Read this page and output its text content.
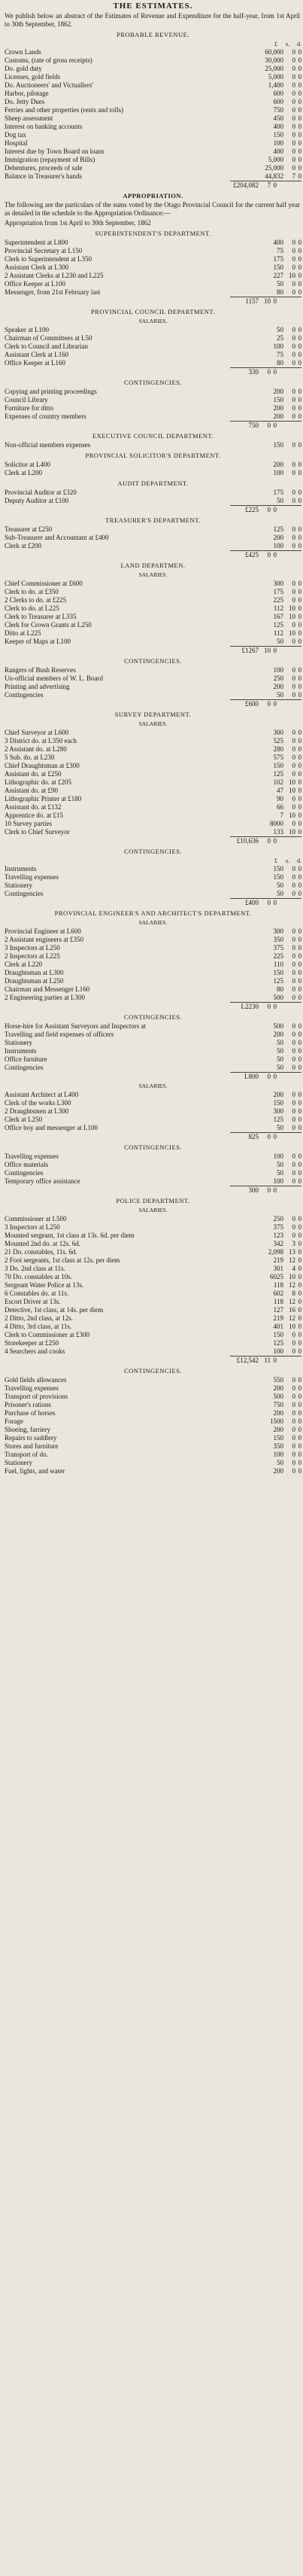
THE ESTIMATES.
We publish below an abstract of the Estimates of Revenue and Expenditure for the half-year, from 1st April to 30th September, 1862.
PROBABLE REVENUE.
£	s.	d.
Crown Lands	60,000	0 0
Customs, (rate of gross receipts)	30,000	0 0
Do. gold duty	25,000	0 0
Licenses, gold fields	5,000	0 0
Do. Auctioneers' and Victuallers'	1,400	0 0
Harbor, pilotage	600	0 0
Do. Jetty Dues	600	0 0
Ferries and other properties (rents and tolls)	750	0 0
Sheep assessment	450	0 0
Interest on banking accounts	400	0 0
Dog tax	150	0 0
Hospital	100	0 0
Interest due by Town Board on loans	400	0 0
Immigration (repayment of Bills)	5,000	0 0
Debentures, proceeds of sale	25,000	0 0
Balance in Treasurer's hands	44,832	7 0
£204,082	7 0
APPROPRIATION.
The following are the particulars of the sums voted by the Otago Provincial Council for the current half year as detailed in the schedule to the Appropriation Ordinance:—
Appropriation from 1st April to 30th September, 1862
SUPERINTENDENT'S DEPARTMENT.
Superintendent at L800	400	0 0
Provincial Secretary at L150	75	0 0
Clerk to Superintendent at L350	175	0 0
Assistant Clerk at L300	150	0 0
2 Assistant Clerks at L230 and L225	227 10 0
Office Keeper at L100	50	0 0
Messenger, from 21st February last	80	0 0
1157 10 0
PROVINCIAL COUNCIL DEPARTMENT.
SALARIES.
Speaker at L100	50	0 0
Chairman of Committees at L50	25	0 0
Clerk to Council and Librarian	100	0 0
Assistant Clerk at L160	75	0 0
Office Keeper at L160	80	0 0
330	0 0
CONTINGENCIES.
Copying and printing proceedings	200	0 0
Council Library	150	0 0
Furniture for ditto	200	0 0
Expenses of country members	200	0 0
750	0 0
EXECUTIVE COUNCIL DEPARTMENT.
Non-official members expenses	150	0 0
PROVINCIAL SOLICITOR'S DEPARTMENT.
Solicitor at L400	200	0 0
Clerk at L200	100	0 0
AUDIT DEPARTMENT.
Provincial Auditor at £320	175	0 0
Deputy Auditor at £100	50	0 0
£225	0 0
TREASURER'S DEPARTMENT.
Treasurer at £250	125	0 0
Sub-Treasurer and Accountant at £400	200	0 0
Clerk at £200	100	0 0
£425	0 0
LAND DEPARTMEN.
SALARIES.
Chief Commissioner at £600	300	0 0
Clerk to do. at £350	175	0 0
2 Clerks to do. at £225	225	0 0
Clerk to do. at L225	112 10 0
Clerk to Treasurer at L335	167 10 0
Clerk for Crown Grants at L250	125	0 0
Ditto at L225	112 10 0
Keeper of Maps at L100	50	0 0
£1267 10 0
CONTINGENCIES.
Rangers of Bush Reserves	100	0 0
Un-official members of W. L. Board	250	0 0
Printing and advertising	200	0 0
Contingencies	50	0 0
£600	0 0
SURVEY DEPARTMENT.
SALARIES.
Chief Surveyor at L600	300	0 0
3 District do. at L350 each	525	0 0
2 Assistant do. at L280	280	0 0
5 Sub. do. at L230	575	0 0
Chief Draughtsman at £300	150	0 0
Assistant do. at £250	125	0 0
Lithographic do. at £205	102 10 0
Assistant do. at £90	47 10 0
Lithographic Printer at £180	90	0 0
Assistant do. at £132	66	0 0
Apprentice do. at £15	7 10 0
10 Survey parties	8000	0 0
Clerk to Chief Surveyor	133 10 0
£10,636	0 0
CONTINGENCIES.
£	s.	d.
Instruments	150	0 0
Travelling expenses	150	0 0
Stationery	50	0 0
Contingencies	50	0 0
£400	0 0
PROVINCIAL ENGINEER'S AND ARCHITECT'S DEPARTMENT.
SALARIES.
Provincial Engineer at L600	300	0 0
2 Assistant engineers at £350	350	0 0
3 Inspectors at L250	375	0 0
2 Inspectors at L225	225	0 0
Clerk at L220	110	0 0
Draughtsman at L300	150	0 0
Draughtsman at L250	125	0 0
Chairman and Messenger L160	80	0 0
2 Engineering parties at L300	500	0 0
L2230	0 0
CONTINGENCIES.
Horse-hire for Assistant Surveyors and Inspectors at	500	0 0
Travelling and field expenses of officers	200	0 0
Stationery	50	0 0
Instruments	50	0 0
Office furniture	50	0 0
Contingencies	50	0 0
L800	0 0
SALARIES.
Assistant Architect at L400	200	0 0
Clerk of the works L300	150	0 0
2 Draughtsmen at L300	300	0 0
Clerk at L250	125	0 0
Office boy and messenger at L100	50	0 0
825	0 0
CONTINGENCIES.
Travelling expenses	100	0 0
Office materials	50	0 0
Contingencies	50	0 0
Temporary office assistance	100	0 0
300	0 0
POLICE DEPARTMENT.
SALARIES.
Commissioner at L500	250	0 0
3 Inspectors at L250	375	0 0
Mounted sergeant, 1st class at 13s. 6d. per diem	123	0 0
Mounted 2nd do. at 12s. 6d.	342	3 0
21 Do. constables, 11s. 6d.	2,098 13 0
2 Foot sergeants, 1st class at 12s. per diem	219 12 0
3 Do. 2nd class at 11s.	301	4 0
70 Do. constables at 10s.	6025 10 0
Sergeant Water Police at 13s.	118 12 0
6 Constables do. at 11s.	602	8 0
Escort Driver at 13s.	118 12 0
Detective, 1st class, at 14s. per diem	127 16 0
2 Ditto, 2nd class, at 12s.	219 12 0
4 Ditto, 3rd class, at 11s.	401 10 0
Clerk to Commissioner at £300	150	0 0
Storekeeper at £250	125	0 0
4 Searchers and cooks	100	0 0
£12,542 11 0
CONTINGENCIES.
Gold fields allowances	550	0 0
Travelling expenses	200	0 0
Transport of provisions	500	0 0
Prisoner's rations	750	0 0
Purchase of horses	200	0 0
Forage	1500	0 0
Shoeing, farriery	200	0 0
Repairs to saddlery	150	0 0
Stores and furniture	350	0 0
Transport of do.	100	0 0
Stationery	50	0 0
Fuel, lights, and water	200	0 0
